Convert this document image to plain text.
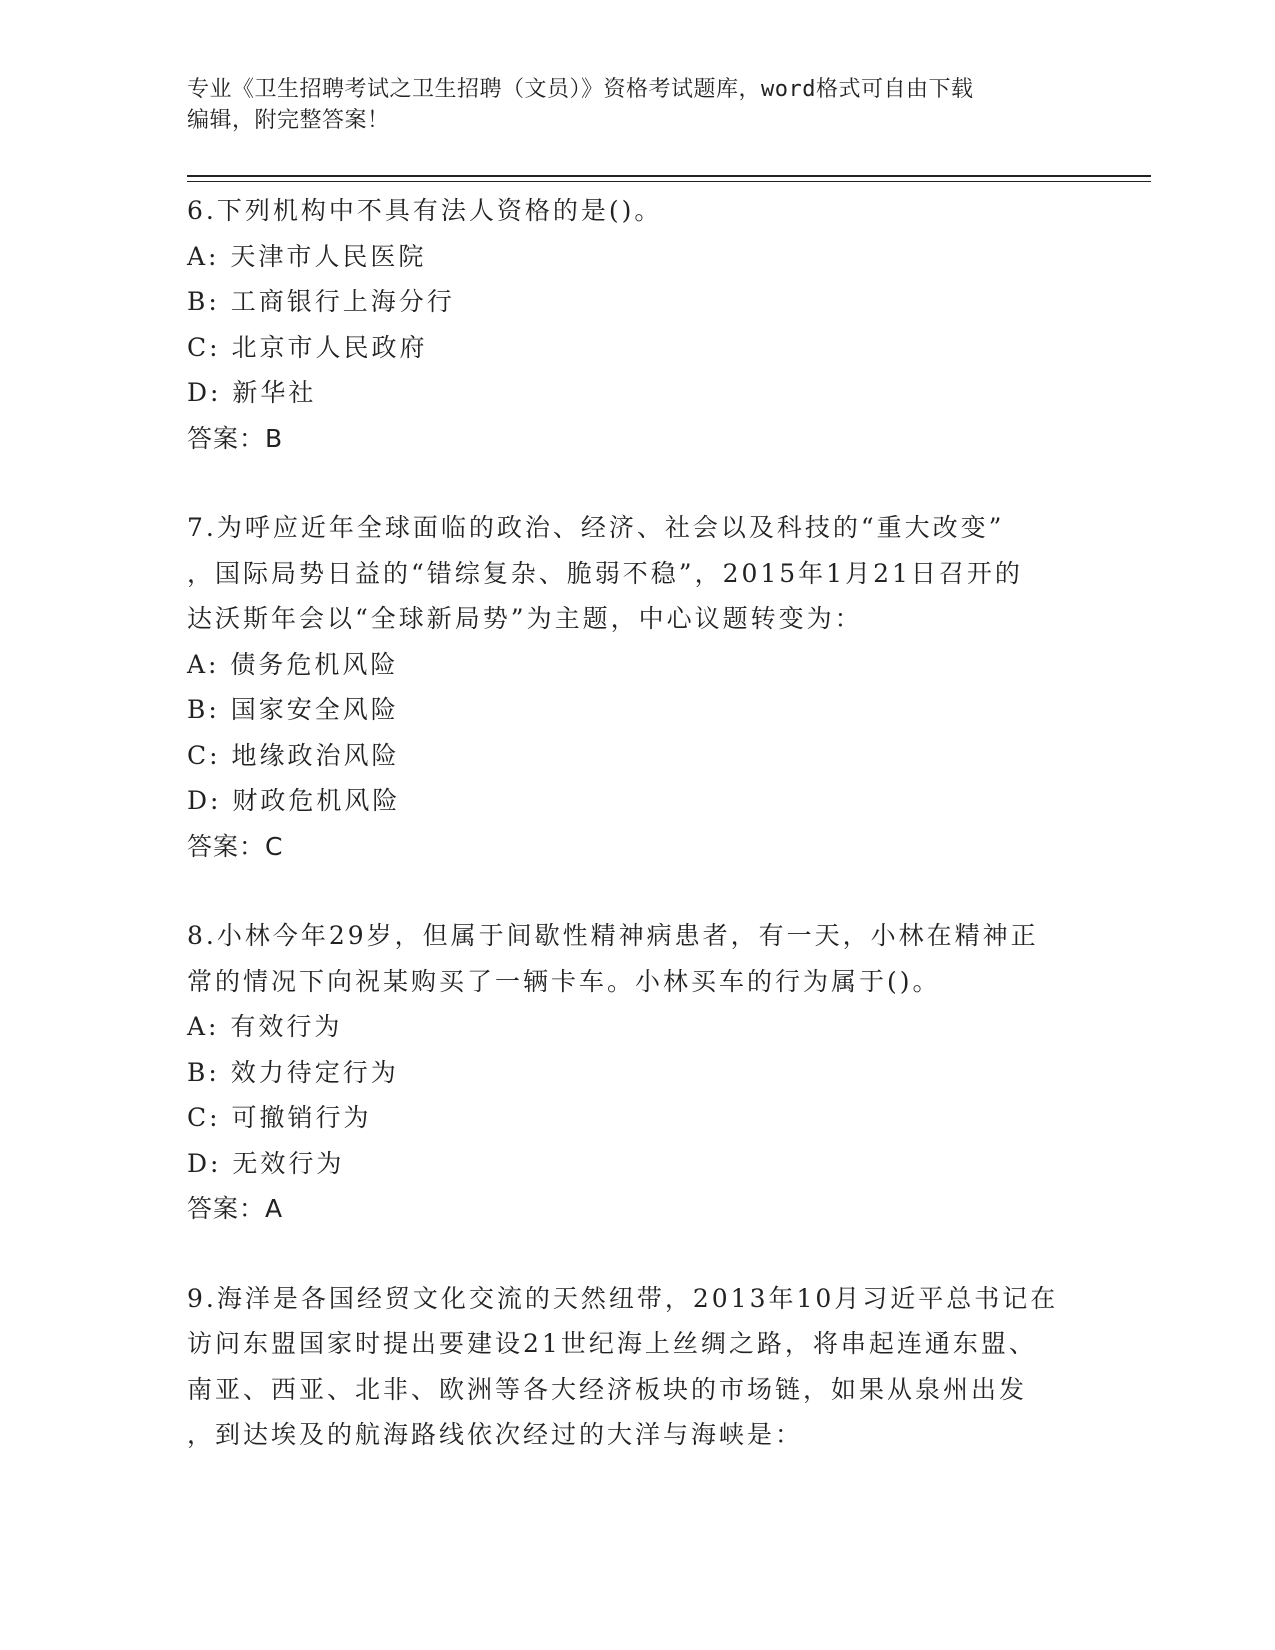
专业《卫生招聘考试之卫生招聘（文员）》资格考试题库，word格式可自由下载
编辑，附完整答案！
6.下列机构中不具有法人资格的是()。
A: 天津市人民医院
B: 工商银行上海分行
C: 北京市人民政府
D: 新华社
答案：B
7.为呼应近年全球面临的政治、经济、社会以及科技的“重大改变”
，国际局势日益的“错综复杂、脆弱不稳”，2015年1月21日召开的
达沃斯年会以“全球新局势”为主题，中心议题转变为：
A: 债务危机风险
B: 国家安全风险
C: 地缘政治风险
D: 财政危机风险
答案：C
8.小林今年29岁，但属于间歇性精神病患者，有一天，小林在精神正
常的情况下向祝某购买了一辆卡车。小林买车的行为属于()。
A: 有效行为
B: 效力待定行为
C: 可撤销行为
D: 无效行为
答案：A
9.海洋是各国经贸文化交流的天然纽带，2013年10月习近平总书记在
访问东盟国家时提出要建设21世纪海上丝绸之路，将串起连通东盟、
南亚、西亚、北非、欧洲等各大经济板块的市场链，如果从泉州出发
，到达埃及的航海路线依次经过的大洋与海峡是：
